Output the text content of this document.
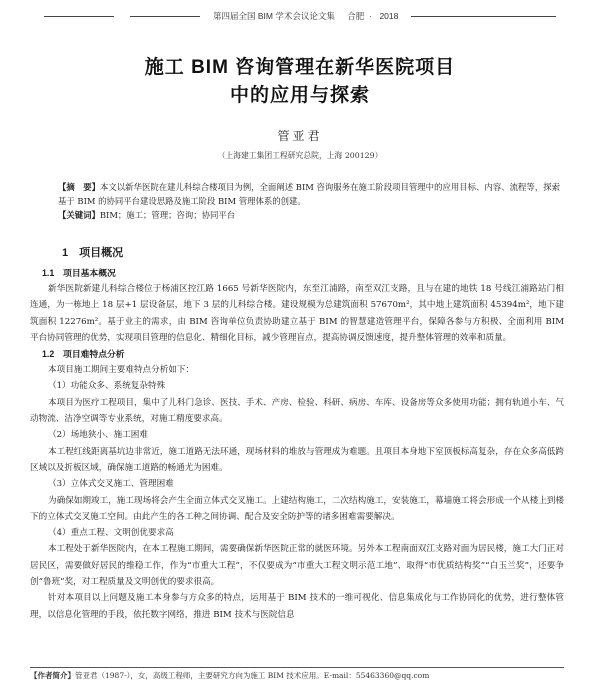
第四届全国 BIM 学术会议论文集 合肥 · 2018
施工 BIM 咨询管理在新华医院项目
中的应用与探索
管亚君
（上海建工集团工程研究总院，上海 200129）

【摘　要】本文以新华医院在建儿科综合楼项目为例，全面阐述 BIM 咨询服务在施工阶段项目管理中的应用目标、内容、流程等，探索基于 BIM 的协同平台建设思路及施工阶段 BIM 管理体系的创建。

【关键词】BIM；施工；管理；咨询；协同平台

1　项目概况
1.1　项目基本概况

新华医院新建儿科综合楼位于杨浦区控江路 1665 号新华医院内，东至江浦路，南至双江支路，且与在建的地铁 18 号线江浦路站门相连通，为一栋地上 18 层+1 层设备层，地下 3 层的儿科综合楼。建设规模为总建筑面积 57670m²，其中地上建筑面积 45394m²，地下建筑面积 12276m²。基于业主的需求，由 BIM 咨询单位负责协助建立基于 BIM 的智慧建造管理平台，保障各参与方积极、全面利用 BIM 平台协同管理的优势，实现项目管理的信息化、精细化目标，减少管理盲点，提高协调反馈速度，提升整体管理的效率和质量。

1.2　项目难特点分析

本项目施工期间主要难特点分析如下：

（1）功能众多、系统复杂特殊

本项目为医疗工程项目，集中了儿科门急诊、医技、手术、产房、检验、科研、病房、车库、设备房等众多使用功能；拥有轨道小车、气动物流、洁净空调等专业系统，对施工精度要求高。

（2）场地狭小、施工困难

本工程红线距离基坑边非常近，施工道路无法环通，现场材料的堆放与管理成为难题。且项目本身地下室顶板标高复杂，存在众多高低跨区域以及折板区域，确保施工道路的畅通尤为困难。

（3）立体式交叉施工、管理困难

为确保如期竣工，施工现场将会产生全面立体式交叉施工。上建结构施工，二次结构施工，安装施工，幕墙施工将会形成一个从楼上到楼下的立体式交叉施工空间。由此产生的各工种之间协调、配合及安全防护等的诸多困难需要解决。

（4）重点工程、文明创优要求高

本工程处于新华医院内，在本工程施工期间，需要确保新华医院正常的就医环境。另外本工程南面双江支路对面为居民楼，施工大门正对居民区，需要做好居民的维稳工作，作为“市重大工程”，不仅要成为“市重大工程文明示范工地”、取得“市优质结构奖”“白玉兰奖”，还要争创“鲁班”奖，对工程质量及文明创优的要求很高。

针对本项目以上问题及施工本身参与方众多的特点，运用基于 BIM 技术的一维可视化、信息集成化与工作协同化的优势，进行整体管理，以信息化管理的手段，依托数字网络，推进 BIM 技术与医院信息

【作者简介】管亚君（1987-），女，高级工程师，主要研究方向为施工 BIM 技术应用。E-mail：55463360@qq.com
